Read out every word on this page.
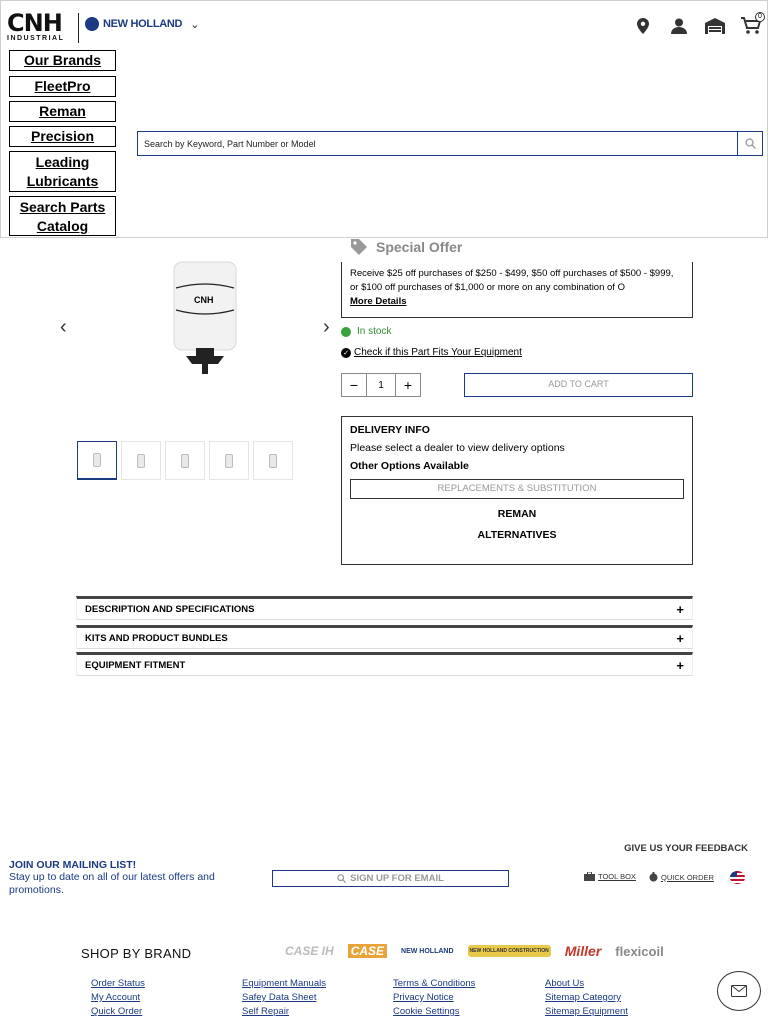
CNH
INDUSTRIAL
NEW HOLLAND ⌄
0
Our Brands
FleetPro
Reman
Precision
Leading Lubricants
Search Parts Catalog
Search by Keyword, Part Number or Model
‹
CNH
›
Special Offer
Receive $25 off purchases of $250 - $499, $50 off purchases of $500 - $999, or $100 off purchases of $1,000 or more on any combination of O
More Details
In stock
✓ Check if this Part Fits Your Equipment
−
1	+	ADD TO CART
DELIVERY INFO
Please select a dealer to view delivery options
Other Options Available
REPLACEMENTS & SUBSTITUTION
REMAN
ALTERNATIVES
DESCRIPTION AND SPECIFICATIONS	+
KITS AND PRODUCT BUNDLES	+
EQUIPMENT FITMENT	+
GIVE US YOUR FEEDBACK
JOIN OUR MAILING LIST!
Stay up to date on all of our latest offers and promotions.
SIGN UP FOR EMAIL	TOOL BOX	QUICK ORDER
SHOP BY BRAND	CASE IH CASE	NEW HOLLAND	NEW HOLLAND CONSTRUCTION Miller flexicoil
Order Status
My Account
Quick Order
Equipment Manuals
Safey Data Sheet
Self Repair
Terms & Conditions
Privacy Notice
Cookie Settings
About Us
Sitemap Category
Sitemap Equipment
